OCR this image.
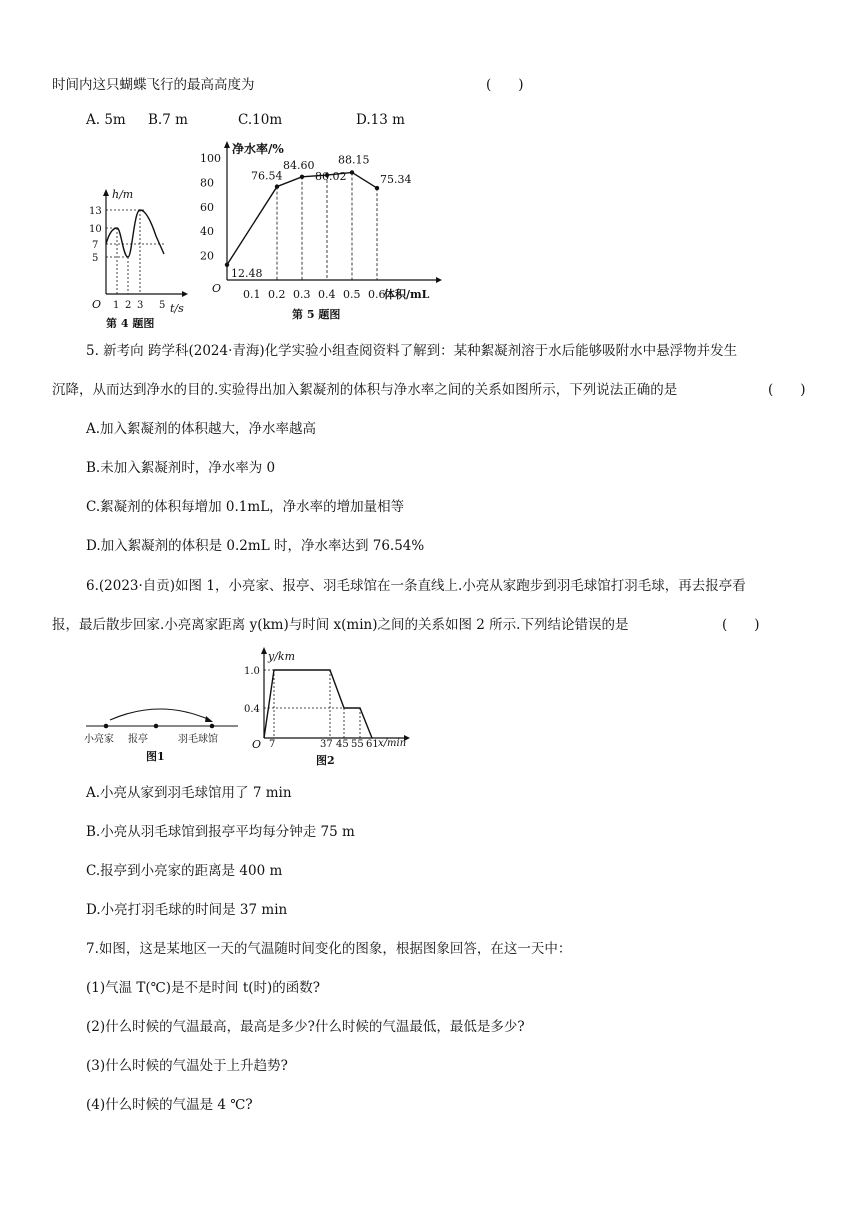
时间内这只蝴蝶飞行的最高高度为	(　　)
A. 5m B.7 m	C.10m	D.13 m
h/m
t/s
O
13
10
7
5
1 2 3 5
第 4 题图
净水率/%
体积/mL
O
100
80
60
40
20
0.1 0.2 0.3 0.4 0.5 0.6
12.48
76.54
84.60
86.02
88.15
75.34
第 5 题图
5. 新考向 跨学科(2024·青海)化学实验小组查阅资料了解到：某种絮凝剂溶于水后能够吸附水中悬浮物并发生
沉降，从而达到净水的目的.实验得出加入絮凝剂的体积与净水率之间的关系如图所示，下列说法正确的是	(　　)
A.加入絮凝剂的体积越大，净水率越高
B.未加入絮凝剂时，净水率为 0
C.絮凝剂的体积每增加 0.1mL，净水率的增加量相等
D.加入絮凝剂的体积是 0.2mL 时，净水率达到 76.54%
6.(2023·自贡)如图 1，小亮家、报亭、羽毛球馆在一条直线上.小亮从家跑步到羽毛球馆打羽毛球，再去报亭看
报，最后散步回家.小亮离家距离 y(km)与时间 x(min)之间的关系如图 2 所示.下列结论错误的是	(　　)
小亮家 报亭	羽毛球馆
图1
y/km
x/min
O
1.0
0.4
7	37 45 55 61
图2
A.小亮从家到羽毛球馆用了 7 min
B.小亮从羽毛球馆到报亭平均每分钟走 75 m
C.报亭到小亮家的距离是 400 m
D.小亮打羽毛球的时间是 37 min
7.如图，这是某地区一天的气温随时间变化的图象，根据图象回答，在这一天中：
(1)气温 T(℃)是不是时间 t(时)的函数?
(2)什么时候的气温最高，最高是多少?什么时候的气温最低，最低是多少?
(3)什么时候的气温处于上升趋势?
(4)什么时候的气温是 4 ℃?
